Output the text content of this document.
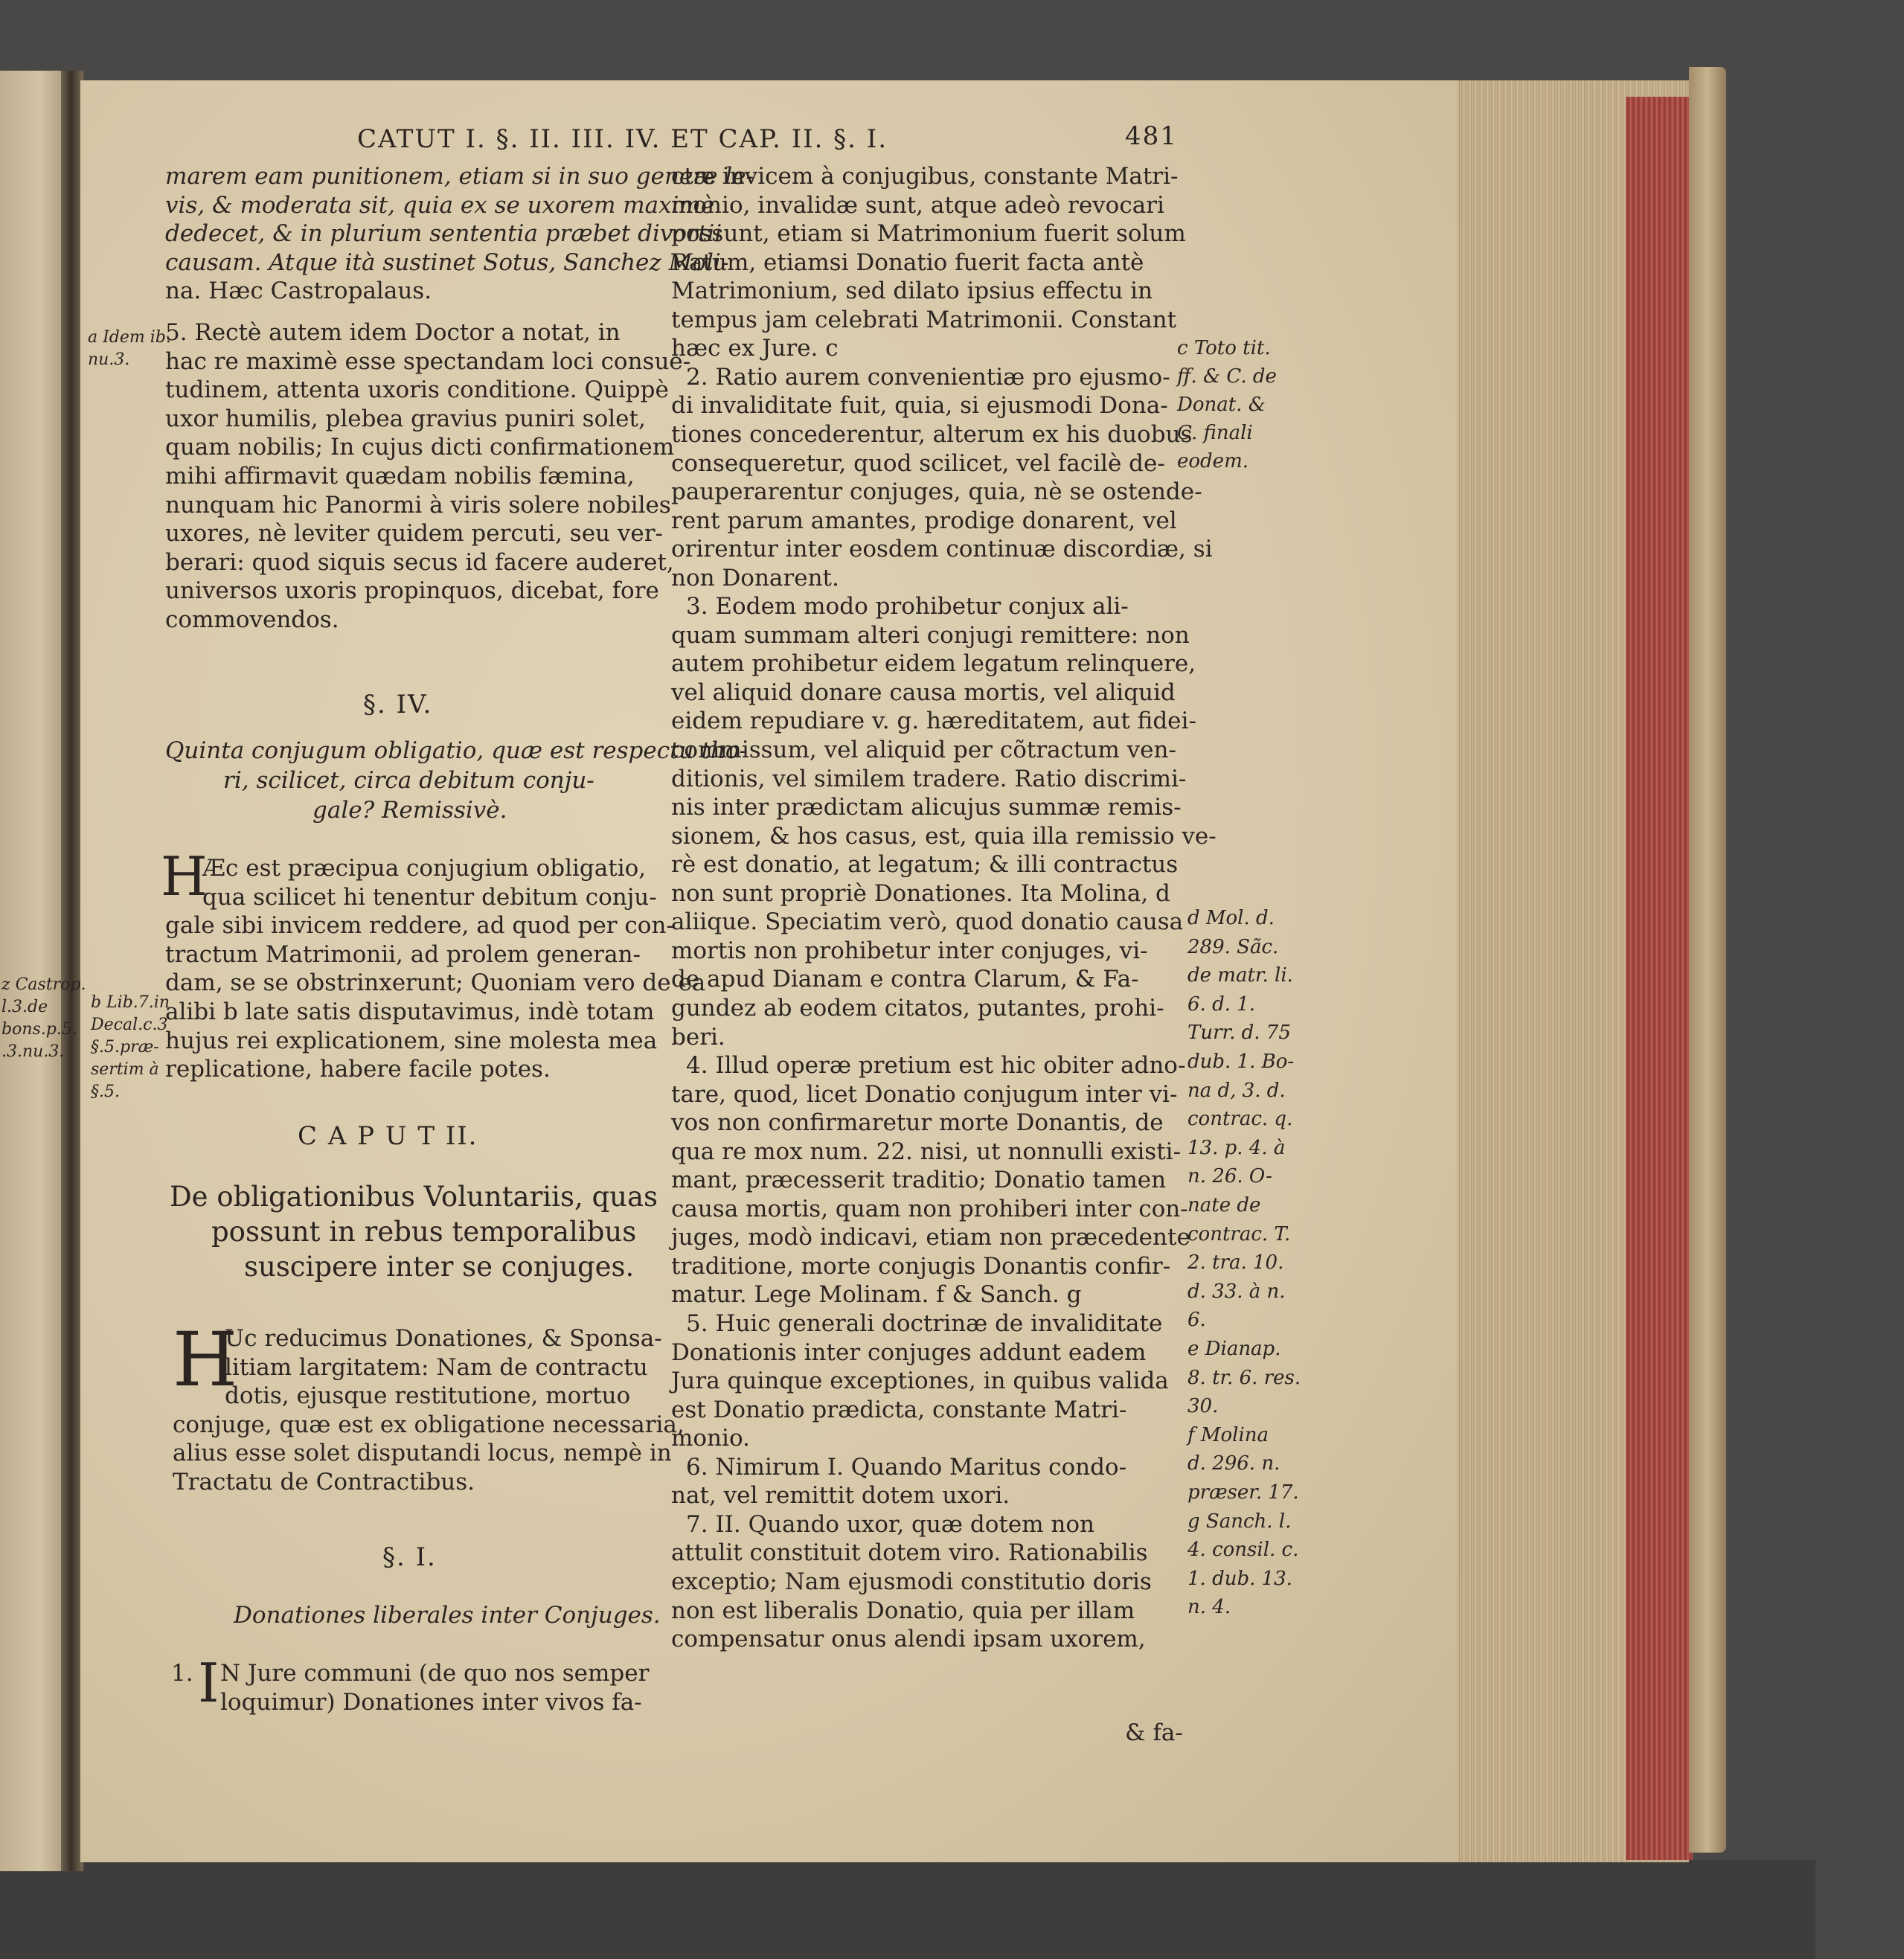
z Castrop.
l.3.de
bons.p.5.
.3.nu.3.
CATUT I. §. II. III. IV. ET CAP. II. §. I.	481
marem eam punitionem, etiam si in suo genere le-
vis, & moderata sit, quia ex se uxorem maximè
dedecet, & in plurium sententia præbet divortii
causam. Atque ità sustinet Sotus, Sanchez Moli-
na. Hæc Castropalaus.
5. Rectè autem idem Doctor a notat, in
hac re maximè esse spectandam loci consue-
tudinem, attenta uxoris conditione. Quippè
uxor humilis, plebea gravius puniri solet,
quam nobilis; In cujus dicti confirmationem
mihi affirmavit quædam nobilis fæmina,
nunquam hic Panormi à viris solere nobiles
uxores, nè leviter quidem percuti, seu ver-
berari: quod siquis secus id facere auderet,
universos uxoris propinquos, dicebat, fore
commovendos.
§. IV.
Quinta conjugum obligatio, quæ est respectu tho-
ri, scilicet, circa debitum conju-
gale? Remissivè.
H
Æc est præcipua conjugium obligatio,
qua scilicet hi tenentur debitum conju-
gale sibi invicem reddere, ad quod per con-
tractum Matrimonii, ad prolem generan-
dam, se se obstrinxerunt; Quoniam vero de ea
alibi b late satis disputavimus, indè totam
hujus rei explicationem, sine molesta mea
replicatione, habere facile potes.
C A P U T II.
De obligationibus Voluntariis, quas
possunt in rebus temporalibus
suscipere inter se conjuges.
H
Uc reducimus Donationes, & Sponsa-
litiam largitatem: Nam de contractu
dotis, ejusque restitutione, mortuo
conjuge, quæ est ex obligatione necessaria,
alius esse solet disputandi locus, nempè in
Tractatu de Contractibus.
§. I.
Donationes liberales inter Conjuges.
1. I N Jure communi (de quo nos semper
loquimur) Donationes inter vivos fa-
ctæ invicem à conjugibus, constante Matri-
monio, invalidæ sunt, atque adeò revocari
possunt, etiam si Matrimonium fuerit solum
Ratum, etiamsi Donatio fuerit facta antè
Matrimonium, sed dilato ipsius effectu in
tempus jam celebrati Matrimonii. Constant
hæc ex Jure. c
2. Ratio aurem convenientiæ pro ejusmo-
di invaliditate fuit, quia, si ejusmodi Dona-
tiones concederentur, alterum ex his duobus
consequeretur, quod scilicet, vel facilè de-
pauperarentur conjuges, quia, nè se ostende-
rent parum amantes, prodige donarent, vel
orirentur inter eosdem continuæ discordiæ, si
non Donarent.
3. Eodem modo prohibetur conjux ali-
quam summam alteri conjugi remittere: non
autem prohibetur eidem legatum relinquere,
vel aliquid donare causa mortis, vel aliquid
eidem repudiare v. g. hæreditatem, aut fidei-
commissum, vel aliquid per cõtractum ven-
ditionis, vel similem tradere. Ratio discrimi-
nis inter prædictam alicujus summæ remis-
sionem, & hos casus, est, quia illa remissio ve-
rè est donatio, at legatum; & illi contractus
non sunt propriè Donationes. Ita Molina, d
aliique. Speciatim verò, quod donatio causa
mortis non prohibetur inter conjuges, vi-
de apud Dianam e contra Clarum, & Fa-
gundez ab eodem citatos, putantes, prohi-
beri.
4. Illud operæ pretium est hic obiter adno-
tare, quod, licet Donatio conjugum inter vi-
vos non confirmaretur morte Donantis, de
qua re mox num. 22. nisi, ut nonnulli existi-
mant, præcesserit traditio; Donatio tamen
causa mortis, quam non prohiberi inter con-
juges, modò indicavi, etiam non præcedente
traditione, morte conjugis Donantis confir-
matur. Lege Molinam. f & Sanch. g
5. Huic generali doctrinæ de invaliditate
Donationis inter conjuges addunt eadem
Jura quinque exceptiones, in quibus valida
est Donatio prædicta, constante Matri-
monio.
6. Nimirum I. Quando Maritus condo-
nat, vel remittit dotem uxori.
7. II. Quando uxor, quæ dotem non
attulit constituit dotem viro. Rationabilis
exceptio; Nam ejusmodi constitutio doris
non est liberalis Donatio, quia per illam
compensatur onus alendi ipsam uxorem,
& fa-
a Idem ib.
nu.3.
b Lib.7.in
Decal.c.3
§.5.præ-
sertim à
§.5.
c Toto tit.
ff. & C. de
Donat. &
C. finali
eodem.
d Mol. d.
289. Sãc.
de matr. li.
6. d. 1.
Turr. d. 75
dub. 1. Bo-
na d, 3. d.
contrac. q.
13. p. 4. à
n. 26. O-
nate de
contrac. T.
2. tra. 10.
d. 33. à n.
6.
e Dianap.
8. tr. 6. res.
30.
f Molina
d. 296. n.
præser. 17.
g Sanch. l.
4. consil. c.
1. dub. 13.
n. 4.
